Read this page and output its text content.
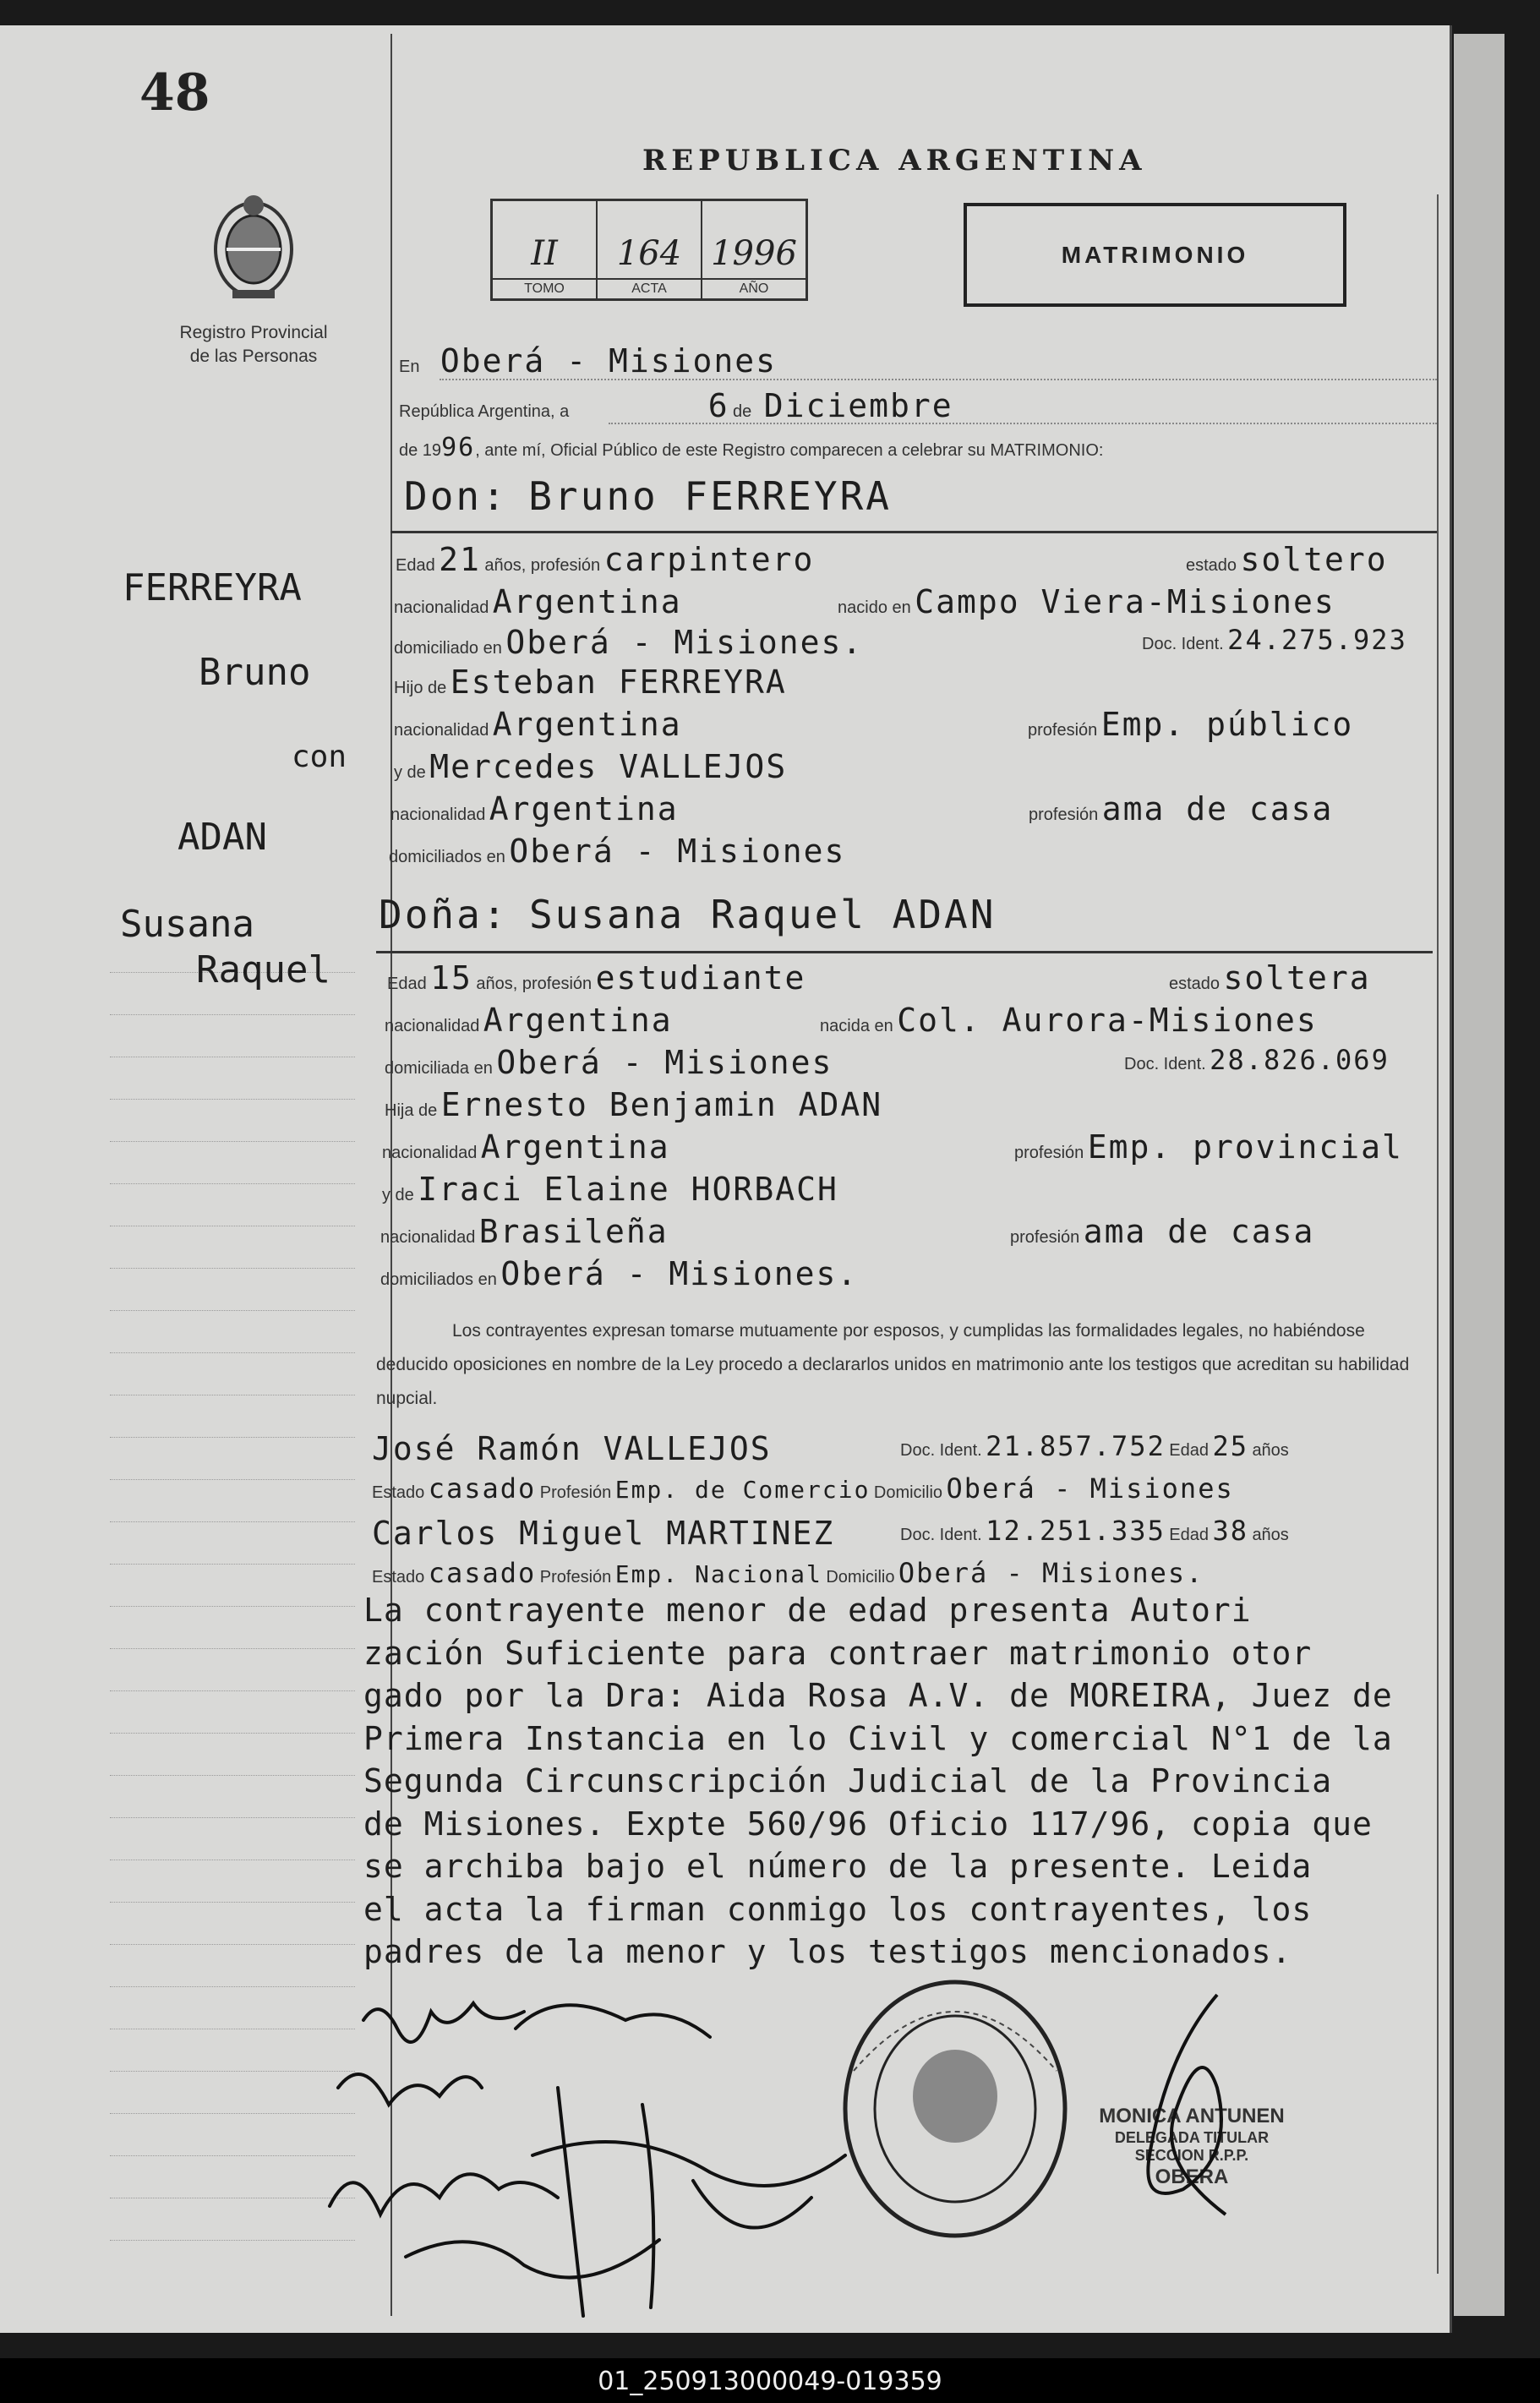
48
REPUBLICA ARGENTINA
Registro Provincial
de las Personas
II
TOMO
164
ACTA
1996
AÑO
MATRIMONIO
En Oberá - Misiones
República Argentina, a	6 de Diciembre
de 1996, ante mí, Oficial Público de este Registro comparecen a celebrar su MATRIMONIO:
Don: Bruno FERREYRA
Edad 21 años, profesión carpintero	estado soltero
nacionalidad Argentina	nacido en Campo Viera-Misiones
domiciliado en Oberá - Misiones.	Doc. Ident. 24.275.923
Hijo de Esteban FERREYRA
nacionalidad Argentina	profesión Emp. público
y de Mercedes VALLEJOS
nacionalidad Argentina	profesión ama de casa
domiciliados en Oberá - Misiones
Doña: Susana Raquel ADAN
Edad 15 años, profesión estudiante	estado soltera
nacionalidad Argentina	nacida en Col. Aurora-Misiones
domiciliada en Oberá - Misiones	Doc. Ident. 28.826.069
Hija de Ernesto Benjamin ADAN
nacionalidad Argentina	profesión Emp. provincial
y de Iraci Elaine HORBACH
nacionalidad Brasileña	profesión ama de casa
domiciliados en Oberá - Misiones.
FERREYRA
Bruno
con
ADAN
Susana
Raquel
Los contrayentes expresan tomarse mutuamente por esposos, y cumplidas las formalidades legales, no habiéndose deducido oposiciones en nombre de la Ley procedo a declararlos unidos en matrimonio ante los testigos que acreditan su habilidad nupcial.
José Ramón VALLEJOS	Doc. Ident. 21.857.752 Edad 25 años
Estado casado Profesión Emp. de Comercio Domicilio Oberá - Misiones
Carlos Miguel MARTINEZ	Doc. Ident. 12.251.335 Edad 38 años
Estado casado Profesión Emp. Nacional Domicilio Oberá - Misiones.
La contrayente menor de edad presenta Autori
zación Suficiente para contraer matrimonio otor
gado por la Dra: Aida Rosa A.V. de MOREIRA, Juez de
Primera Instancia en lo Civil y comercial N°1 de la
Segunda Circunscripción Judicial de la Provincia
de Misiones. Expte 560/96 Oficio 117/96, copia que
se archiba bajo el número de la presente. Leida
el acta la firman conmigo los contrayentes, los
padres de la menor y los testigos mencionados.
MONICA ANTUNEN
DELEGADA TITULAR
SECCION R.P.P.
OBERA
01_250913000049-019359
